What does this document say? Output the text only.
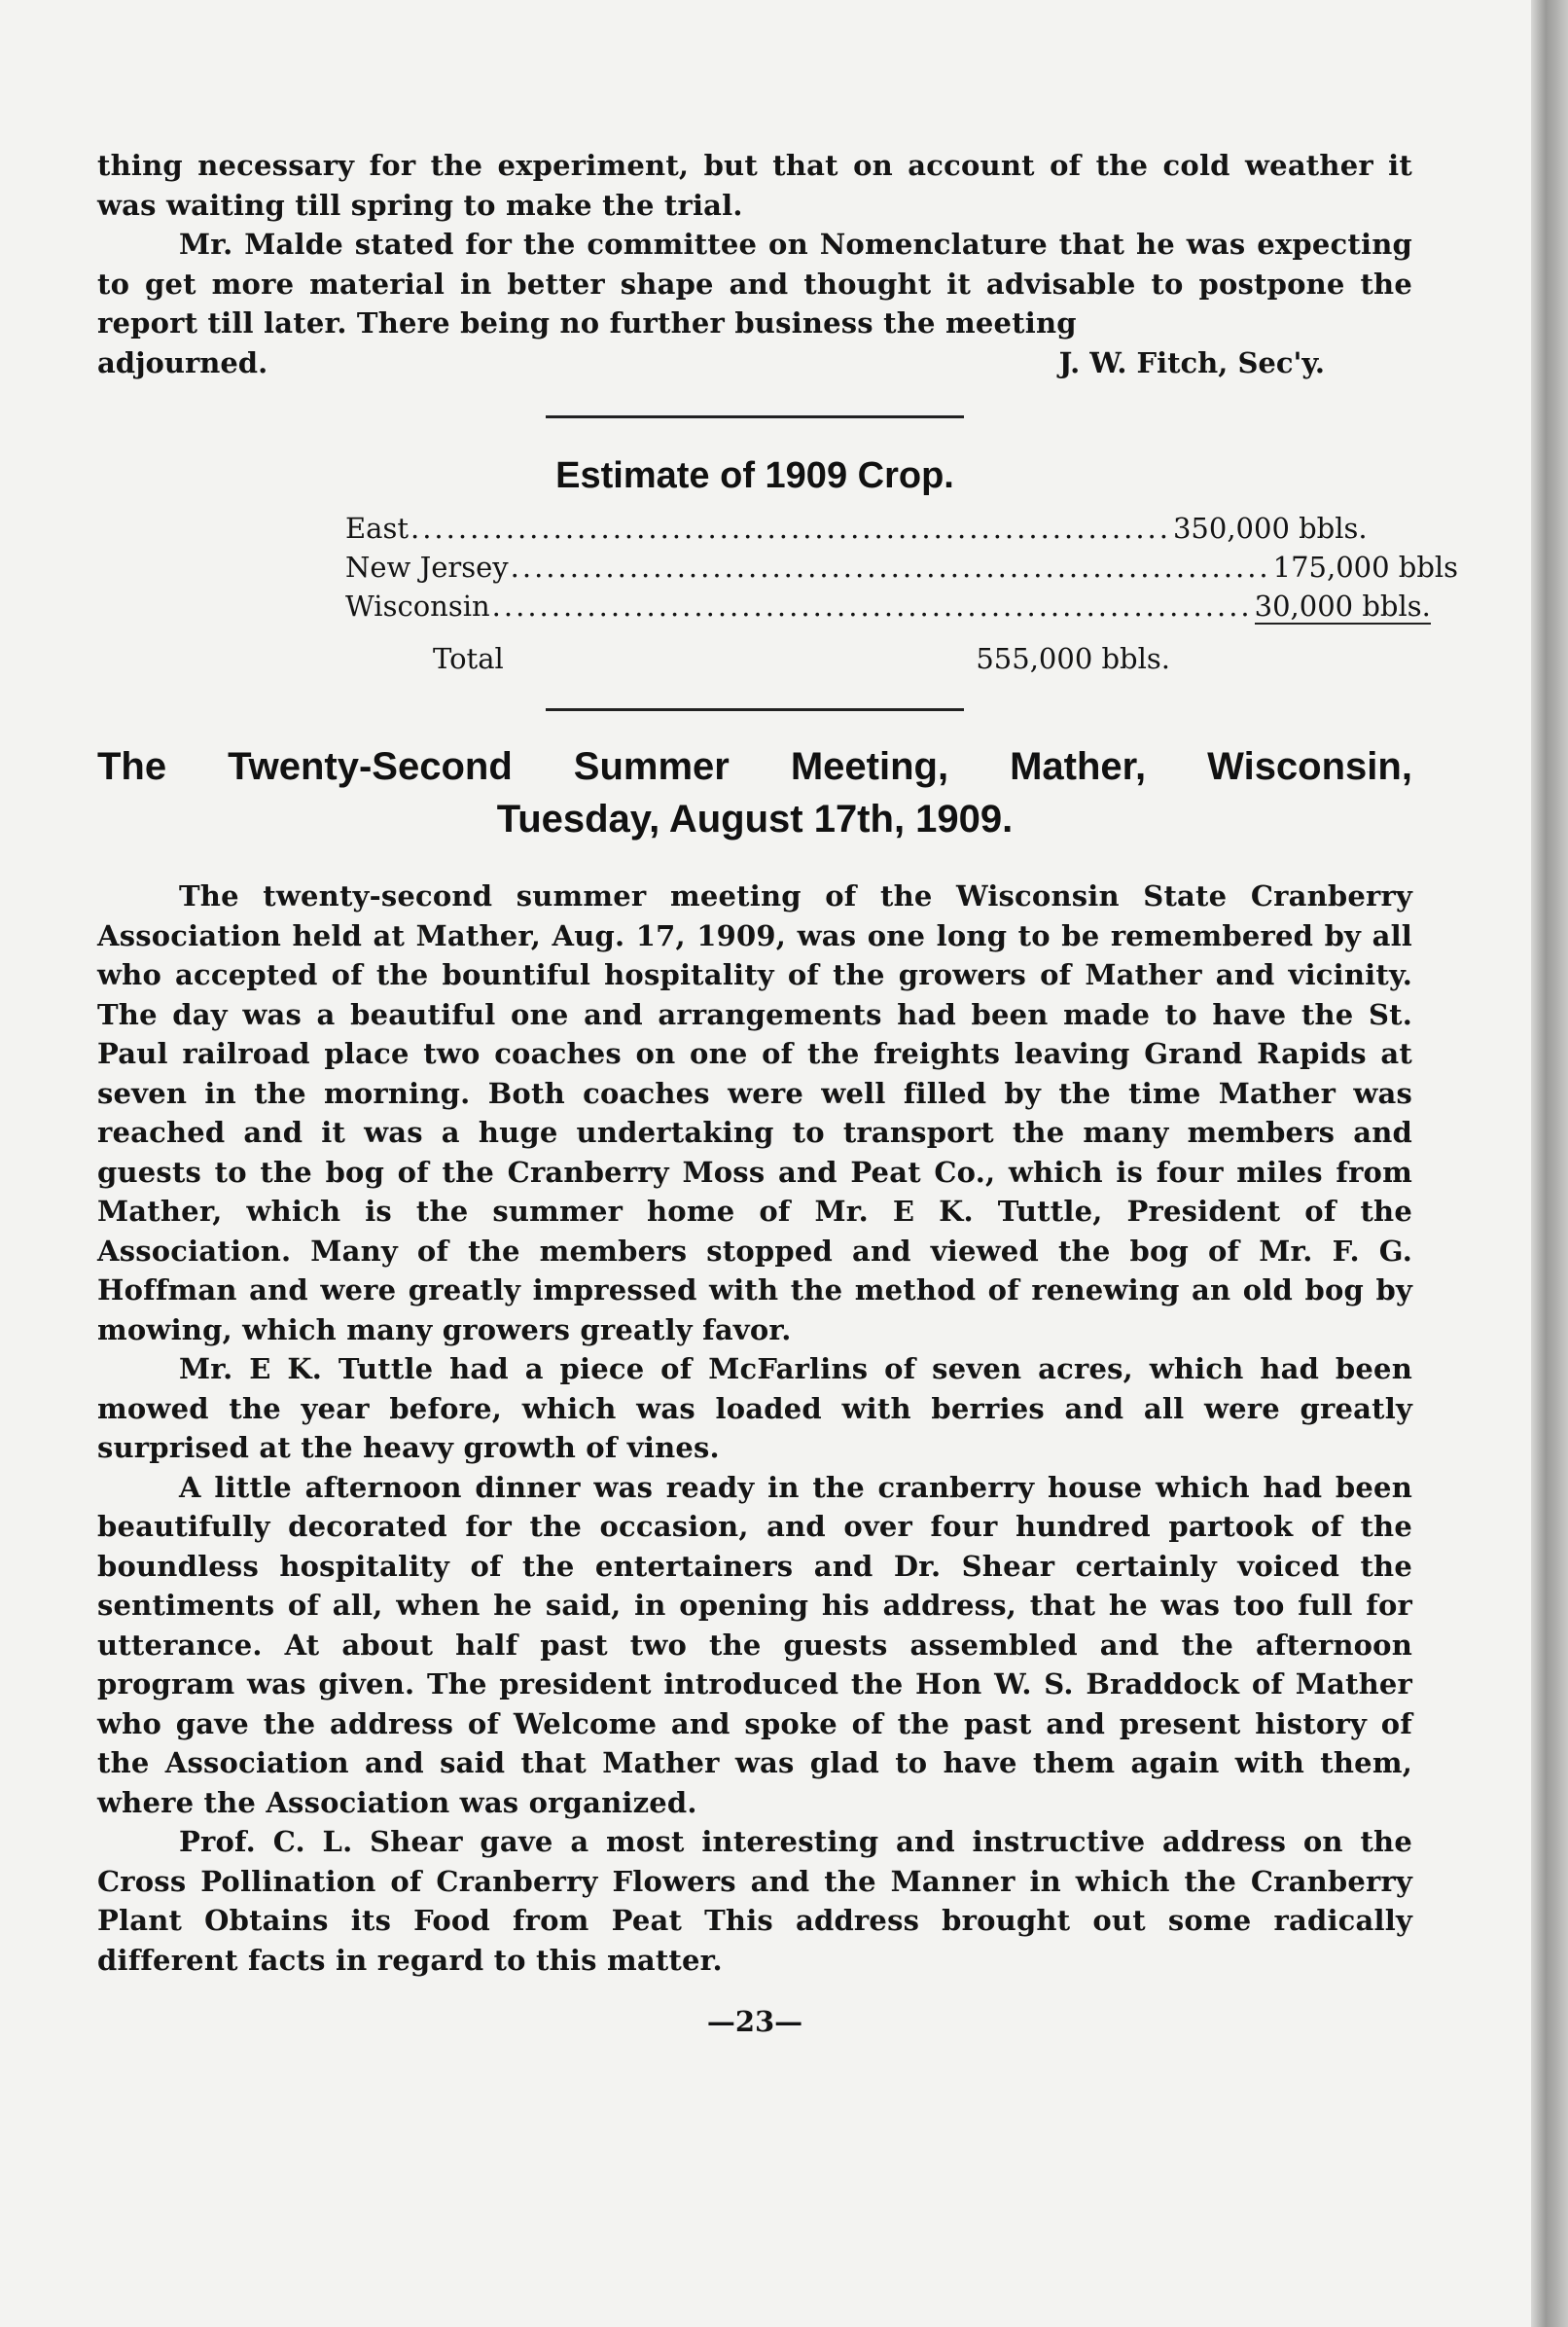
thing necessary for the experiment, but that on account of the cold weather it was waiting till spring to make the trial.

Mr. Malde stated for the committee on Nomenclature that he was expecting to get more material in better shape and thought it advisable to postpone the report till later. There being no further business the meeting

adjourned.	J. W. Fitch, Sec'y.
Estimate of 1909 Crop.
East ................................................................ 350,000 bbls.
New Jersey ................................................................ 175,000 bbls
Wisconsin ................................................................ 30,000 bbls.
Total	555,000 bbls.
The Twenty-Second Summer Meeting, Mather, Wisconsin,
Tuesday, August 17th, 1909.

The twenty-second summer meeting of the Wisconsin State Cranberry Association held at Mather, Aug. 17, 1909, was one long to be remembered by all who accepted of the bountiful hospitality of the growers of Mather and vicinity. The day was a beautiful one and arrangements had been made to have the St. Paul railroad place two coaches on one of the freights leaving Grand Rapids at seven in the morning. Both coaches were well filled by the time Mather was reached and it was a huge undertaking to transport the many members and guests to the bog of the Cranberry Moss and Peat Co., which is four miles from Mather, which is the summer home of Mr. E K. Tuttle, President of the Association. Many of the members stopped and viewed the bog of Mr. F. G. Hoffman and were greatly impressed with the method of renewing an old bog by mowing, which many growers greatly favor.

Mr. E K. Tuttle had a piece of McFarlins of seven acres, which had been mowed the year before, which was loaded with berries and all were greatly surprised at the heavy growth of vines.

A little afternoon dinner was ready in the cranberry house which had been beautifully decorated for the occasion, and over four hundred partook of the boundless hospitality of the entertainers and Dr. Shear certainly voiced the sentiments of all, when he said, in opening his address, that he was too full for utterance. At about half past two the guests assembled and the afternoon program was given. The president introduced the Hon W. S. Braddock of Mather who gave the address of Welcome and spoke of the past and present history of the Association and said that Mather was glad to have them again with them, where the Association was organized.

Prof. C. L. Shear gave a most interesting and instructive address on the Cross Pollination of Cranberry Flowers and the Manner in which the Cranberry Plant Obtains its Food from Peat This address brought out some radically different facts in regard to this matter.

—23—
